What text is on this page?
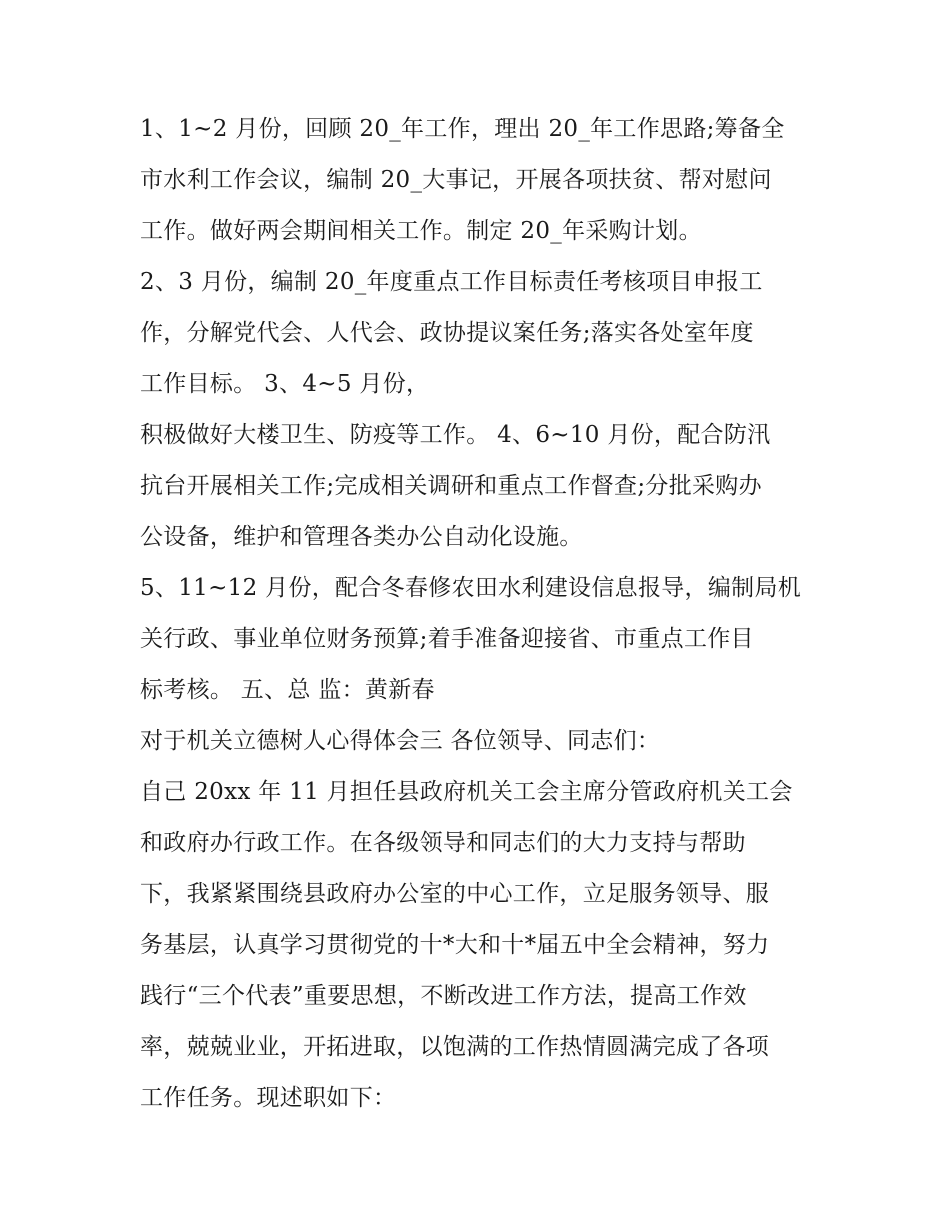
1、1~2 月份，回顾 20_年工作，理出 20_年工作思路;筹备全
市水利工作会议，编制 20_大事记，开展各项扶贫、帮对慰问
工作。做好两会期间相关工作。制定 20_年采购计划。
2、3 月份，编制 20_年度重点工作目标责任考核项目申报工
作，分解党代会、人代会、政协提议案任务;落实各处室年度
工作目标。 3、4~5 月份，
积极做好大楼卫生、防疫等工作。 4、6~10 月份，配合防汛
抗台开展相关工作;完成相关调研和重点工作督查;分批采购办
公设备，维护和管理各类办公自动化设施。
5、11~12 月份，配合冬春修农田水利建设信息报导，编制局机
关行政、事业单位财务预算;着手准备迎接省、市重点工作目
标考核。 五、总 监：黄新春
对于机关立德树人心得体会三 各位领导、同志们：
自己 20xx 年 11 月担任县政府机关工会主席分管政府机关工会
和政府办行政工作。在各级领导和同志们的大力支持与帮助
下，我紧紧围绕县政府办公室的中心工作，立足服务领导、服
务基层，认真学习贯彻党的十*大和十*届五中全会精神，努力
践行“三个代表”重要思想，不断改进工作方法，提高工作效
率，兢兢业业，开拓进取，以饱满的工作热情圆满完成了各项
工作任务。现述职如下：
